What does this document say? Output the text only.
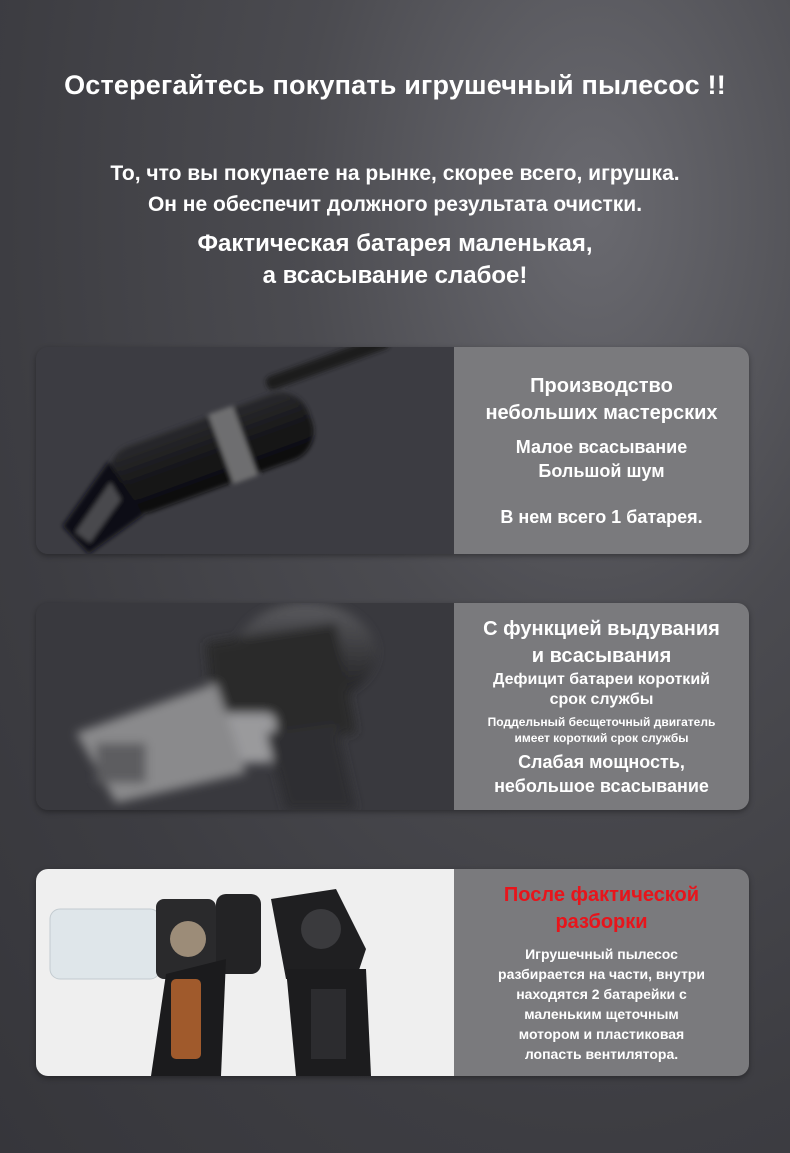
Остерегайтесь покупать игрушечный пылесос !!
То, что вы покупаете на рынке, скорее всего, игрушка.
Он не обеспечит должного результата очистки.
Фактическая батарея маленькая,
а всасывание слабое!
Производство
небольших мастерских
Малое всасывание
Большой шум
В нем всего 1 батарея.
С функцией выдувания
и всасывания
Дефицит батареи короткий
срок службы
Поддельный бесщеточный двигатель
имеет короткий срок службы
Слабая мощность,
небольшое всасывание
После фактической
разборки
Игрушечный пылесос
разбирается на части, внутри
находятся 2 батарейки с
маленьким щеточным
мотором и пластиковая
лопасть вентилятора.
